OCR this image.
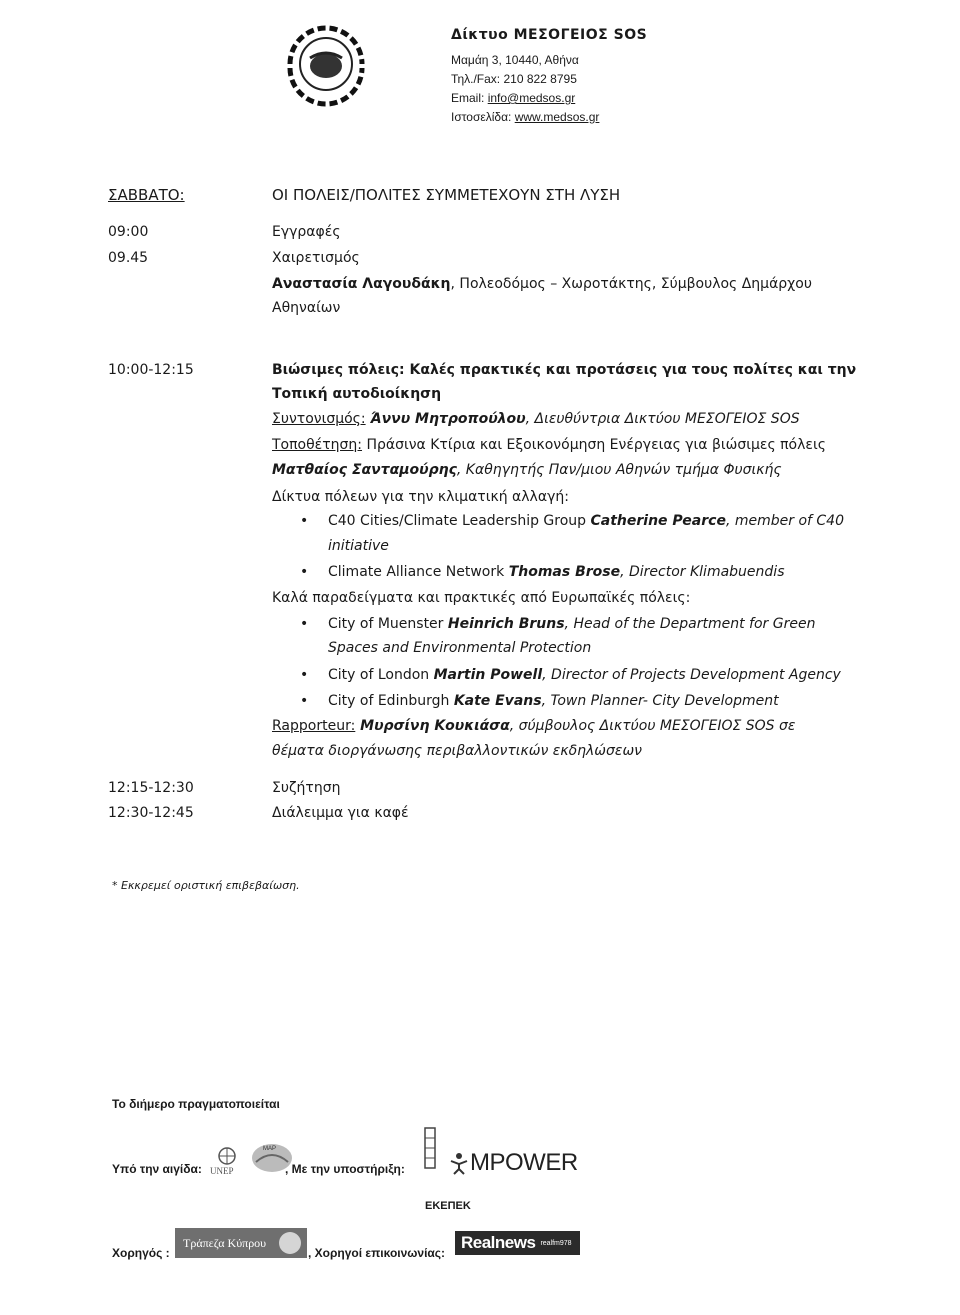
Δίκτυο ΜΕΣΟΓΕΙΟΣ SOS
Μαμάη 3, 10440, Αθήνα
Τηλ./Fax: 210 822 8795
Email: info@medsos.gr
Ιστοσελίδα: www.medsos.gr
ΣΑΒΒΑΤΟ:	ΟΙ ΠΟΛΕΙΣ/ΠΟΛΙΤΕΣ ΣΥΜΜΕΤΕΧΟΥΝ ΣΤΗ ΛΥΣΗ
09:00	Εγγραφές
09.45	Χαιρετισμός
Αναστασία Λαγουδάκη, Πολεοδόμος – Χωροτάκτης, Σύμβουλος Δημάρχου
Αθηναίων
10:00-12:15	Βιώσιμες πόλεις: Καλές πρακτικές και προτάσεις για τους πολίτες και την
Τοπική αυτοδιοίκηση
Συντονισμός: Άννυ Μητροπούλου, Διευθύντρια Δικτύου ΜΕΣΟΓΕΙΟΣ SOS
Τοποθέτηση: Πράσινα Κτίρια και Εξοικονόμηση Ενέργειας για βιώσιμες πόλεις
Ματθαίος Σανταμούρης, Καθηγητής Παν/μιου Αθηνών τμήμα Φυσικής
Δίκτυα πόλεων για την κλιματική αλλαγή:
• C40 Cities/Climate Leadership Group Catherine Pearce, member of C40
initiative
• Climate Alliance Network Thomas Brose, Director Klimabuendis
Καλά παραδείγματα και πρακτικές από Ευρωπαϊκές πόλεις:
• City of Muenster Heinrich Bruns, Head of the Department for Green
Spaces and Environmental Protection
• City of London Martin Powell, Director of Projects Development Agency
• City of Edinburgh Kate Evans, Town Planner- City Development
Rapporteur: Μυρσίνη Κουκιάσα, σύμβουλος Δικτύου ΜΕΣΟΓΕΙΟΣ SOS σε
θέματα διοργάνωσης περιβαλλοντικών εκδηλώσεων
12:15-12:30	Συζήτηση
12:30-12:45	Διάλειμμα για καφέ
* Εκκρεμεί οριστική επιβεβαίωση.
Το διήμερο πραγματοποιείται
Υπό την αιγίδα: UNEP
MAP
, Με την υποστήριξη:	MPOWER
ΕΚΕΠΕΚ
Χορηγός :
Τράπεζα Κύπρου
, Χορηγοί επικοινωνίας:
Realnews realfm978
